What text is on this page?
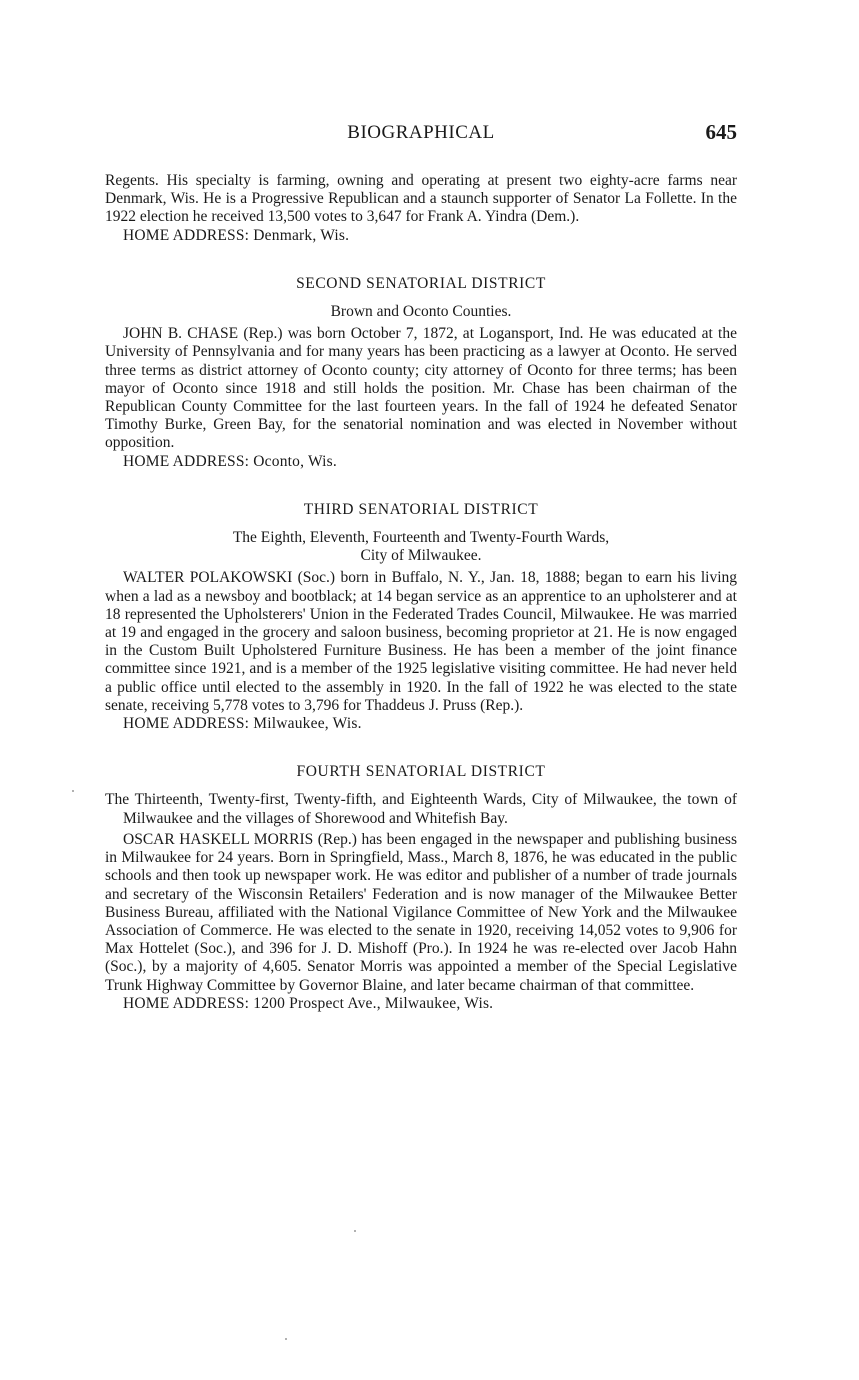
BIOGRAPHICAL	645

Regents. His specialty is farming, owning and operating at present two eighty-acre farms near Denmark, Wis. He is a Progressive Republican and a staunch supporter of Senator La Follette. In the 1922 election he received 13,500 votes to 3,647 for Frank A. Yindra (Dem.).

HOME ADDRESS: Denmark, Wis.

SECOND SENATORIAL DISTRICT
Brown and Oconto Counties.

JOHN B. CHASE (Rep.) was born October 7, 1872, at Logansport, Ind. He was educated at the University of Pennsylvania and for many years has been practicing as a lawyer at Oconto. He served three terms as district attorney of Oconto county; city attorney of Oconto for three terms; has been mayor of Oconto since 1918 and still holds the position. Mr. Chase has been chairman of the Republican County Committee for the last fourteen years. In the fall of 1924 he defeated Senator Timothy Burke, Green Bay, for the senatorial nomination and was elected in November without opposition.

HOME ADDRESS: Oconto, Wis.

THIRD SENATORIAL DISTRICT
The Eighth, Eleventh, Fourteenth and Twenty-Fourth Wards,
City of Milwaukee.

WALTER POLAKOWSKI (Soc.) born in Buffalo, N. Y., Jan. 18, 1888; began to earn his living when a lad as a newsboy and bootblack; at 14 began service as an apprentice to an upholsterer and at 18 represented the Upholsterers' Union in the Federated Trades Council, Milwaukee. He was married at 19 and engaged in the grocery and saloon business, becoming proprietor at 21. He is now engaged in the Custom Built Upholstered Furniture Business. He has been a member of the joint finance committee since 1921, and is a member of the 1925 legislative visiting committee. He had never held a public office until elected to the assembly in 1920. In the fall of 1922 he was elected to the state senate, receiving 5,778 votes to 3,796 for Thaddeus J. Pruss (Rep.).

HOME ADDRESS: Milwaukee, Wis.

FOURTH SENATORIAL DISTRICT

The Thirteenth, Twenty-first, Twenty-fifth, and Eighteenth Wards, City of Milwaukee, the town of Milwaukee and the villages of Shorewood and Whitefish Bay.

OSCAR HASKELL MORRIS (Rep.) has been engaged in the newspaper and publishing business in Milwaukee for 24 years. Born in Springfield, Mass., March 8, 1876, he was educated in the public schools and then took up newspaper work. He was editor and publisher of a number of trade journals and secretary of the Wisconsin Retailers' Federation and is now manager of the Milwaukee Better Business Bureau, affiliated with the National Vigilance Committee of New York and the Milwaukee Association of Commerce. He was elected to the senate in 1920, receiving 14,052 votes to 9,906 for Max Hottelet (Soc.), and 396 for J. D. Mishoff (Pro.). In 1924 he was re-elected over Jacob Hahn (Soc.), by a majority of 4,605. Senator Morris was appointed a member of the Special Legislative Trunk Highway Committee by Governor Blaine, and later became chairman of that committee.

HOME ADDRESS: 1200 Prospect Ave., Milwaukee, Wis.
